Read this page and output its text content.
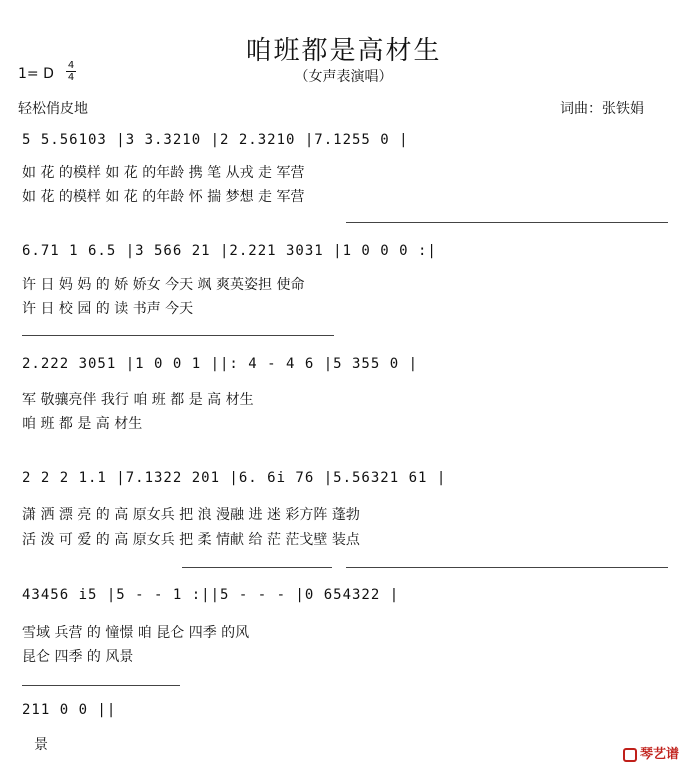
咱班都是高材生
（女声表演唱）
1= D $\frac{4}{4}$
轻松俏皮地	词曲：张铁娟
5 5.56103 |3 3.3210 |2 2.3210 |7.1255 0 |
如 花 的模样 如 花 的年龄 携 笔 从戎 走 军营
如 花 的模样 如 花 的年龄 怀 揣 梦想 走 军营
6.71 1 6.5 |3 566 21 |2.221 3031 |1 0 0 0 :|
许 日 妈 妈 的 娇 娇女 今天 飒 爽英姿担 使命
许 日 校 园 的 读 书声 今天
2.222 3051 |1 0 0 1 ||: 4 - 4 6 |5 355 0 |
军 敬骧亮伴 我行 咱 班 都 是 高 材生
咱 班 都 是 高 材生
2 2 2 1.1 |7.1322 201 |6. 6i 76 |5.56321 61 |
潇 洒 漂 亮 的 高 原女兵 把 浪 漫融 进 迷 彩方阵 蓬勃
活 泼 可 爱 的 高 原女兵 把 柔 情献 给 茫 茫戈壁 装点
43456 i5 |5 - - 1 :||5 - - - |0 654322 |
雪域 兵营 的 憧憬 咱 昆仑 四季 的风
昆仑 四季 的 风景
211 0 0 ||
景
琴艺谱
